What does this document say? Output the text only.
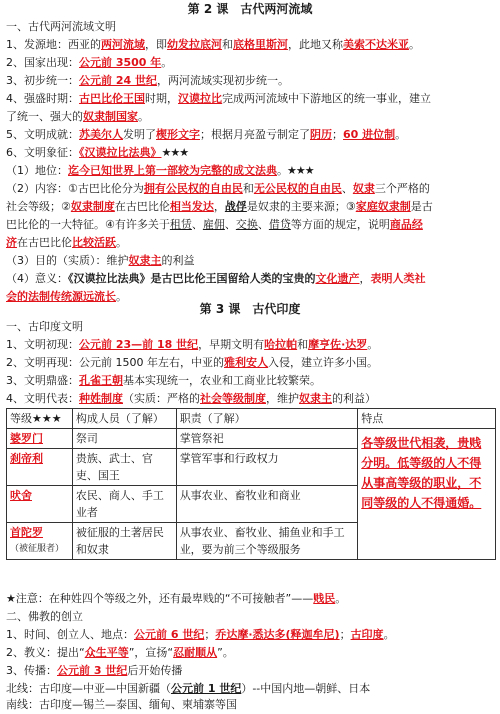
第 2 课　古代两河流域
一、古代两河流域文明
1、发源地：西亚的两河流域，即幼发拉底河和底格里斯河，此地又称美索不达米亚。
2、国家出现：公元前 3500 年。
3、初步统一：公元前 24 世纪，两河流域实现初步统一。
4、强盛时期：古巴比伦王国时期，汉谟拉比完成两河流域中下游地区的统一事业，建立
了统一、强大的奴隶制国家。
5、文明成就：苏美尔人发明了楔形文字；根据月亮盈亏制定了阴历；60 进位制。
6、文明象征：《汉谟拉比法典》★★★
（1）地位：迄今已知世界上第一部较为完整的成文法典。★★★
（2）内容：①古巴比伦分为拥有公民权的自由民和无公民权的自由民、奴隶三个严格的
社会等级；②奴隶制度在古巴比伦相当发达，战俘是奴隶的主要来源；③家庭奴隶制是古
巴比伦的一大特征。④有许多关于租赁、雇佣、交换、借贷等方面的规定，说明商品经
济在古巴比伦比较活跃。
（3）目的（实质）：维护奴隶主的利益
（4）意义：《汉谟拉比法典》是古巴比伦王国留给人类的宝贵的文化遗产，表明人类社
会的法制传统源远流长。
第 3 课　古代印度
一、古印度文明
1、文明初现：公元前 23—前 18 世纪，早期文明有哈拉帕和摩亨佐·达罗。
2、文明再现：公元前 1500 年左右，中亚的雅利安人入侵，建立许多小国。
3、文明鼎盛：孔雀王朝基本实现统一，农业和工商业比较繁荣。
4、文明代表：种姓制度（实质：严格的社会等级制度，维护奴隶主的利益）
等级★★★	构成人员（了解）	职责（了解）	特点
婆罗门	祭司	掌管祭祀	各等级世代相袭，贵贱分明。低等级的人不得从事高等级的职业，不同等级的人不得通婚。
刹帝利	贵族、武士、官吏、国王	掌管军事和行政权力	
吠舍	农民、商人、手工业者	从事农业、畜牧业和商业	

首陀罗
（被征服者）	被征服的土著居民和奴隶	从事农业、畜牧业、捕鱼业和手工业，要为前三个等级服务	
★注意：在种姓四个等级之外，还有最卑贱的“不可接触者”——贱民。
二、佛教的创立
1、时间、创立人、地点：公元前 6 世纪；乔达摩·悉达多(释迦牟尼)；古印度。
2、教义：提出“众生平等”，宣扬“忍耐顺从”。
3、传播：公元前 3 世纪后开始传播
北线：古印度—中亚—中国新疆（公元前 1 世纪）--中国内地—朝鲜、日本
南线：古印度—锡兰—泰国、缅甸、柬埔寨等国
